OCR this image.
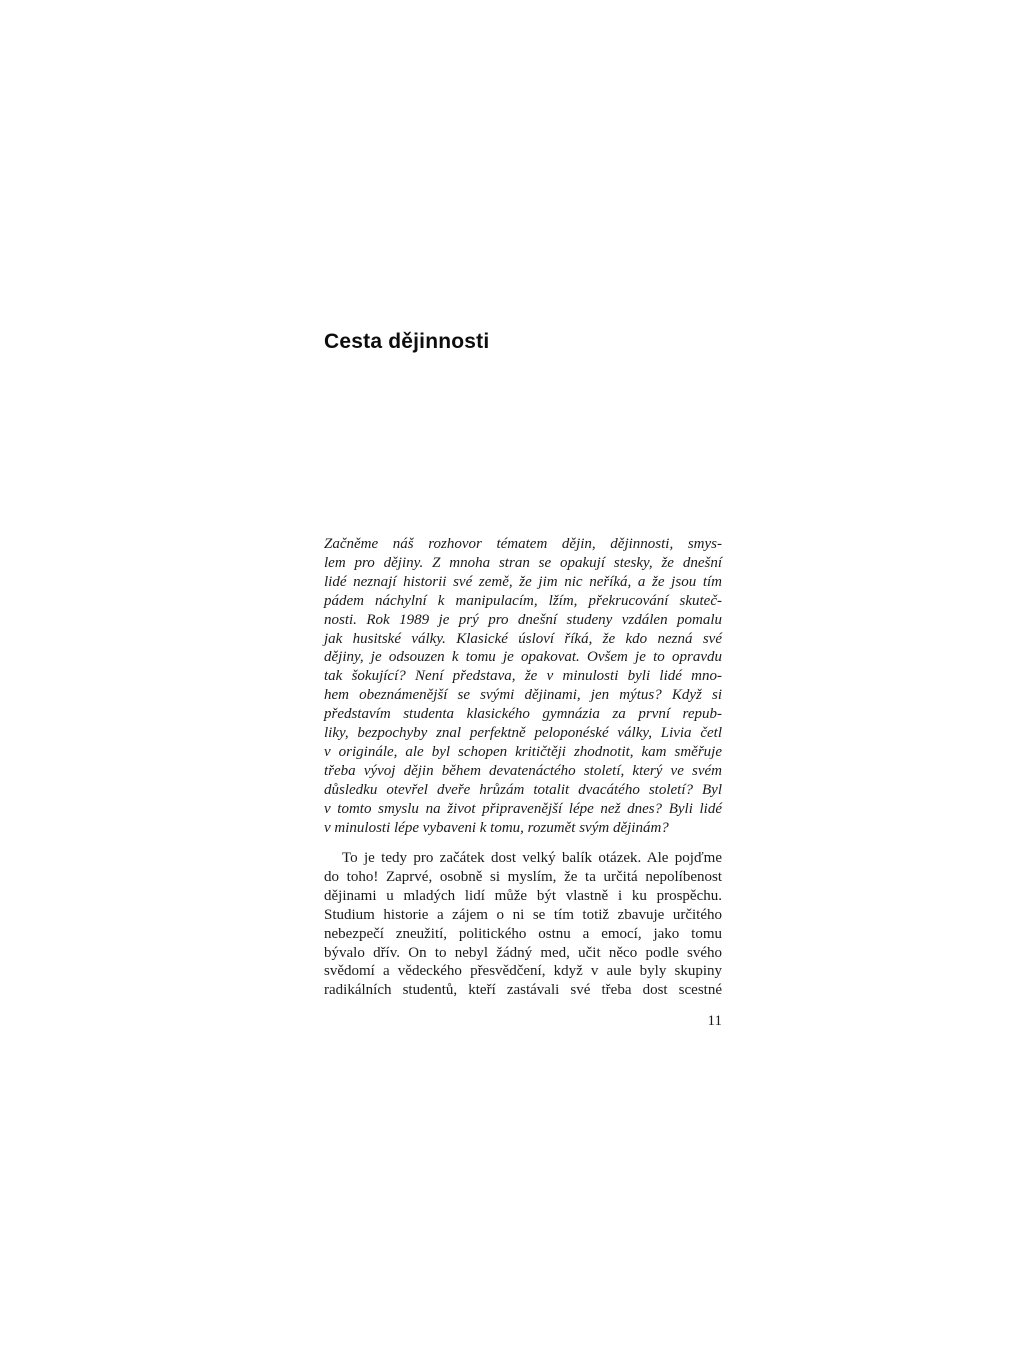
Cesta dějinnosti
Začněme náš rozhovor tématem dějin, dějinnosti, smys-
lem pro dějiny. Z mnoha stran se opakují stesky, že dnešní
lidé neznají historii své země, že jim nic neříká, a že jsou tím
pádem náchylní k manipulacím, lžím, překrucování skuteč-
nosti. Rok 1989 je prý pro dnešní studeny vzdálen pomalu
jak husitské války. Klasické úsloví říká, že kdo nezná své
dějiny, je odsouzen k tomu je opakovat. Ovšem je to opravdu
tak šokující? Není představa, že v minulosti byli lidé mno-
hem obeznámenější se svými dějinami, jen mýtus? Když si
představím studenta klasického gymnázia za první repub-
liky, bezpochyby znal perfektně peloponéské války, Livia četl
v originále, ale byl schopen kritičtěji zhodnotit, kam směřuje
třeba vývoj dějin během devatenáctého století, který ve svém
důsledku otevřel dveře hrůzám totalit dvacátého století? Byl
v tomto smyslu na život připravenější lépe než dnes? Byli lidé
v minulosti lépe vybaveni k tomu, rozumět svým dějinám?
To je tedy pro začátek dost velký balík otázek. Ale pojďme
do toho! Zaprvé, osobně si myslím, že ta určitá nepolíbenost
dějinami u mladých lidí může být vlastně i ku prospěchu.
Studium historie a zájem o ni se tím totiž zbavuje určitého
nebezpečí zneužití, politického ostnu a emocí, jako tomu
bývalo dřív. On to nebyl žádný med, učit něco podle svého
svědomí a vědeckého přesvědčení, když v aule byly skupiny
radikálních studentů, kteří zastávali své třeba dost scestné
11
